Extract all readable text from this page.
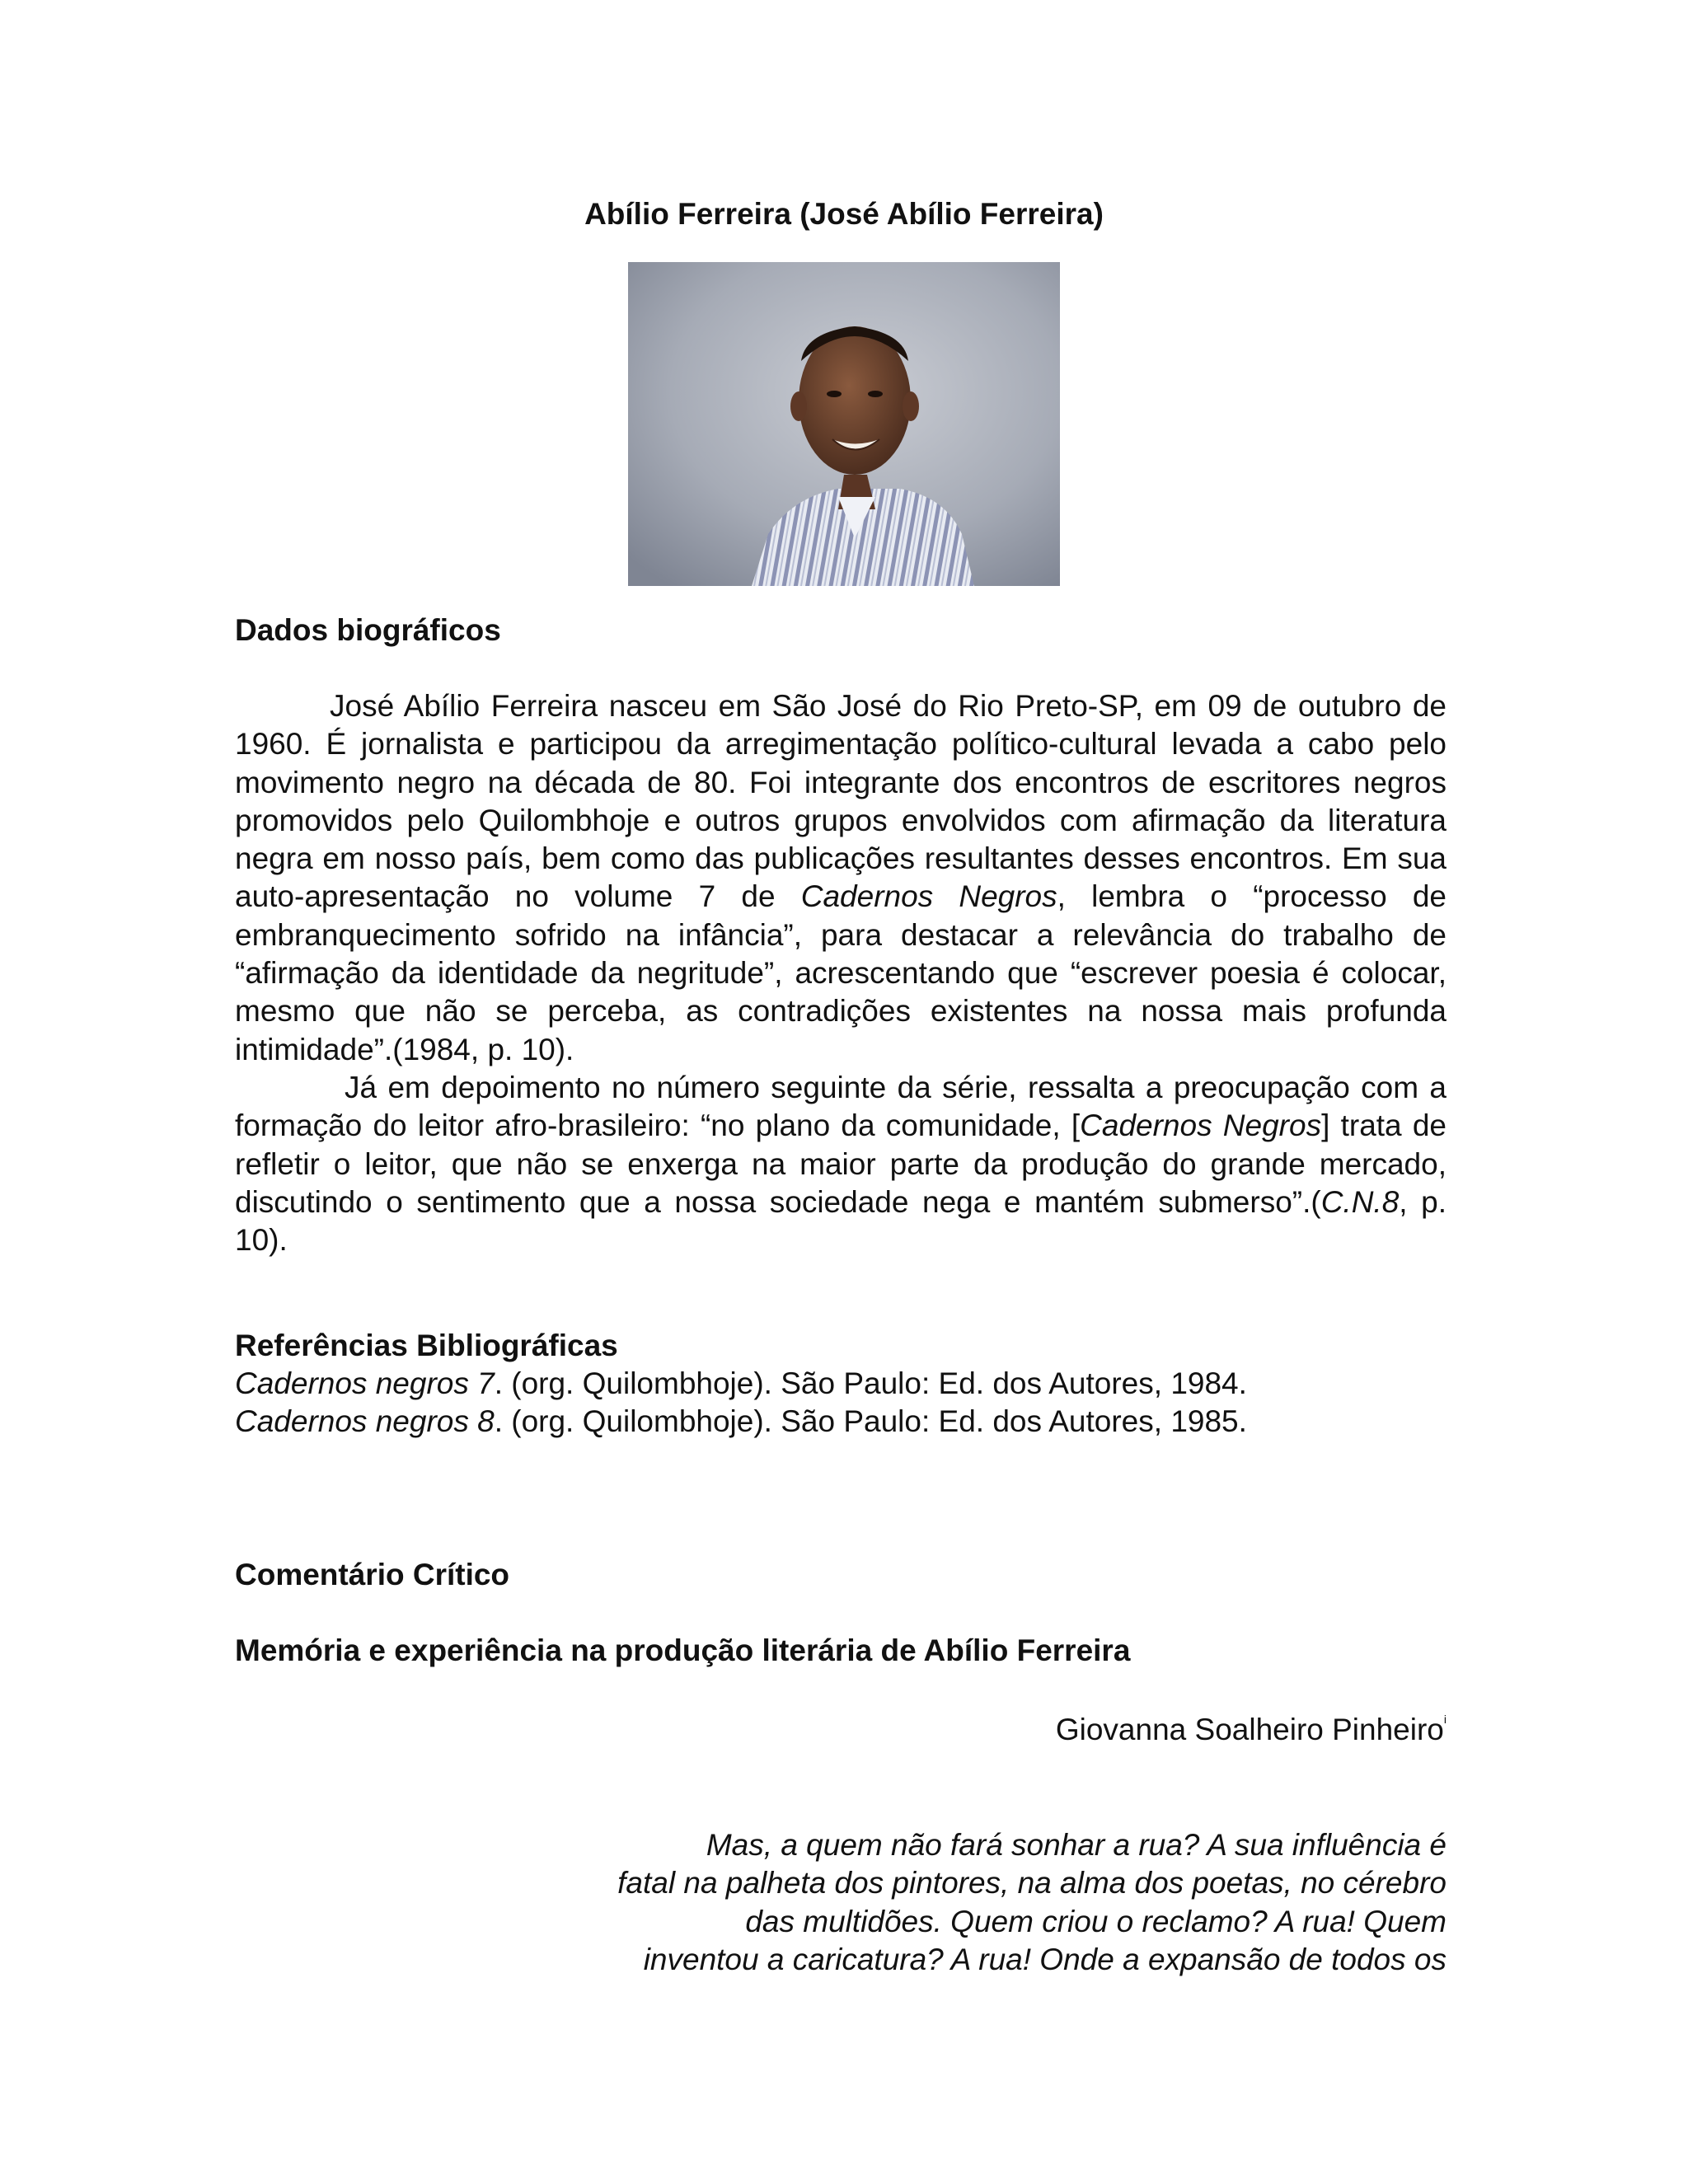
Abílio Ferreira (José Abílio Ferreira)

Dados biográficos

José Abílio Ferreira nasceu em São José do Rio Preto-SP, em 09 de outubro de 1960. É jornalista e participou da arregimentação político-cultural levada a cabo pelo movimento negro na década de 80. Foi integrante dos encontros de escritores negros promovidos pelo Quilombhoje e outros grupos envolvidos com afirmação da literatura negra em nosso país, bem como das publicações resultantes desses encontros. Em sua auto-apresentação no volume 7 de Cadernos Negros, lembra o “processo de embranquecimento sofrido na infância”, para destacar a relevância do trabalho de “afirmação da identidade da negritude”, acrescentando que “escrever poesia é colocar, mesmo que não se perceba, as contradições existentes na nossa mais profunda intimidade”.(1984, p. 10).

Já em depoimento no número seguinte da série, ressalta a preocupação com a formação do leitor afro-brasileiro: “no plano da comunidade, [Cadernos Negros] trata de refletir o leitor, que não se enxerga na maior parte da produção do grande mercado, discutindo o sentimento que a nossa sociedade nega e mantém submerso”.(C.N.8, p. 10).

Referências Bibliográficas

Cadernos negros 7. (org. Quilombhoje). São Paulo: Ed. dos Autores, 1984.

Cadernos negros 8. (org. Quilombhoje). São Paulo: Ed. dos Autores, 1985.

Comentário Crítico

Memória e experiência na produção literária de Abílio Ferreira

Giovanna Soalheiro Pinheiro$^i$
Mas, a quem não fará sonhar a rua? A sua influência é
fatal na palheta dos pintores, na alma dos poetas, no cérebro
das multidões. Quem criou o reclamo? A rua! Quem
inventou a caricatura? A rua! Onde a expansão de todos os
